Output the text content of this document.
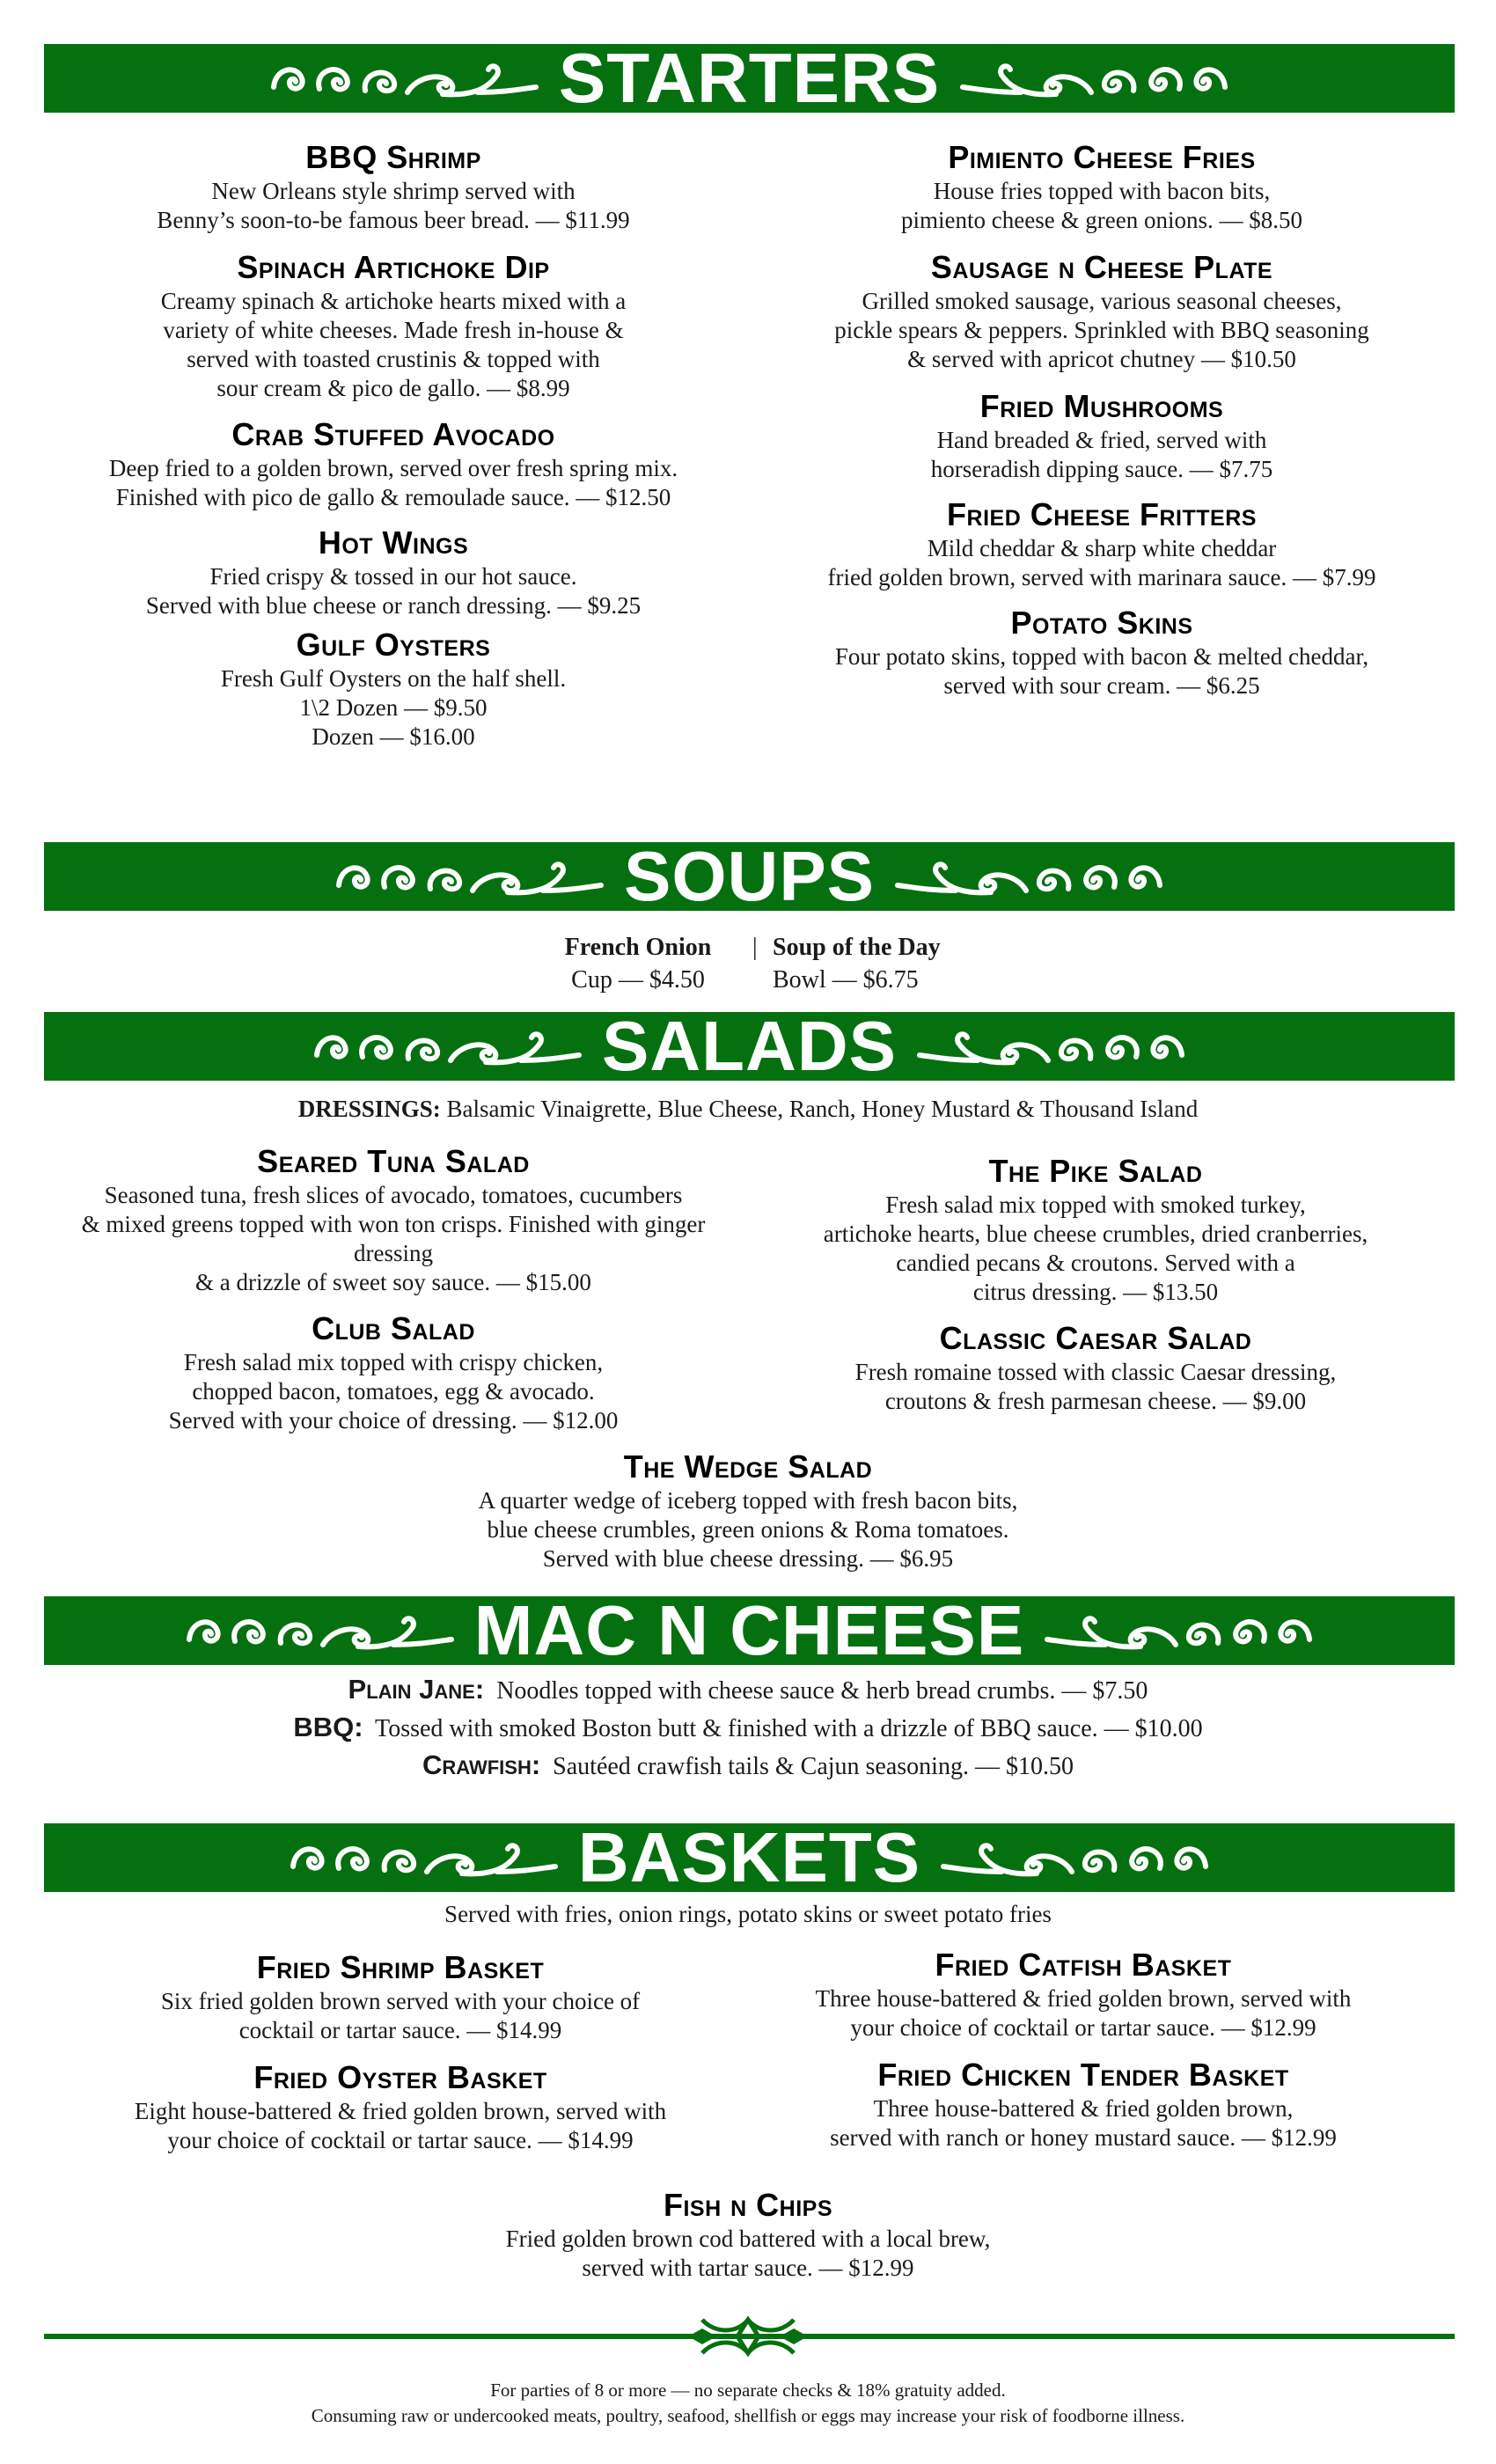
STARTERS
BBQ Shrimp
New Orleans style shrimp served with
Benny’s soon-to-be famous beer bread. — $11.99
Spinach Artichoke Dip
Creamy spinach & artichoke hearts mixed with a
variety of white cheeses. Made fresh in-house &
served with toasted crustinis & topped with
sour cream & pico de gallo. — $8.99
Crab Stuffed Avocado
Deep fried to a golden brown, served over fresh spring mix.
Finished with pico de gallo & remoulade sauce. — $12.50
Hot Wings
Fried crispy & tossed in our hot sauce.
Served with blue cheese or ranch dressing. — $9.25
Gulf Oysters
Fresh Gulf Oysters on the half shell.
1\2 Dozen — $9.50
Dozen — $16.00
Pimiento Cheese Fries
House fries topped with bacon bits,
pimiento cheese & green onions. — $8.50
Sausage n Cheese Plate
Grilled smoked sausage, various seasonal cheeses,
pickle spears & peppers. Sprinkled with BBQ seasoning
& served with apricot chutney — $10.50
Fried Mushrooms
Hand breaded & fried, served with
horseradish dipping sauce. — $7.75
Fried Cheese Fritters
Mild cheddar & sharp white cheddar
fried golden brown, served with marinara sauce. — $7.99
Potato Skins
Four potato skins, topped with bacon & melted cheddar,
served with sour cream. — $6.25
SOUPS
French Onion
Cup — $4.50
| Soup of the Day
Bowl — $6.75
SALADS
DRESSINGS: Balsamic Vinaigrette, Blue Cheese, Ranch, Honey Mustard & Thousand Island
Seared Tuna Salad
Seasoned tuna, fresh slices of avocado, tomatoes, cucumbers
& mixed greens topped with won ton crisps. Finished with ginger
dressing
& a drizzle of sweet soy sauce. — $15.00
Club Salad
Fresh salad mix topped with crispy chicken,
chopped bacon, tomatoes, egg & avocado.
Served with your choice of dressing. — $12.00
The Pike Salad
Fresh salad mix topped with smoked turkey,
artichoke hearts, blue cheese crumbles, dried cranberries,
candied pecans & croutons. Served with a
citrus dressing. — $13.50
Classic Caesar Salad
Fresh romaine tossed with classic Caesar dressing,
croutons & fresh parmesan cheese. — $9.00
The Wedge Salad
A quarter wedge of iceberg topped with fresh bacon bits,
blue cheese crumbles, green onions & Roma tomatoes.
Served with blue cheese dressing. — $6.95
MAC N CHEESE
Plain Jane: Noodles topped with cheese sauce & herb bread crumbs. — $7.50
BBQ: Tossed with smoked Boston butt & finished with a drizzle of BBQ sauce. — $10.00
Crawfish: Sautéed crawfish tails & Cajun seasoning. — $10.50
BASKETS
Served with fries, onion rings, potato skins or sweet potato fries
Fried Shrimp Basket
Six fried golden brown served with your choice of
cocktail or tartar sauce. — $14.99
Fried Oyster Basket
Eight house-battered & fried golden brown, served with
your choice of cocktail or tartar sauce. — $14.99
Fried Catfish Basket
Three house-battered & fried golden brown, served with
your choice of cocktail or tartar sauce. — $12.99
Fried Chicken Tender Basket
Three house-battered & fried golden brown,
served with ranch or honey mustard sauce. — $12.99
Fish n Chips
Fried golden brown cod battered with a local brew,
served with tartar sauce. — $12.99
For parties of 8 or more — no separate checks & 18% gratuity added.
Consuming raw or undercooked meats, poultry, seafood, shellfish or eggs may increase your risk of foodborne illness.
